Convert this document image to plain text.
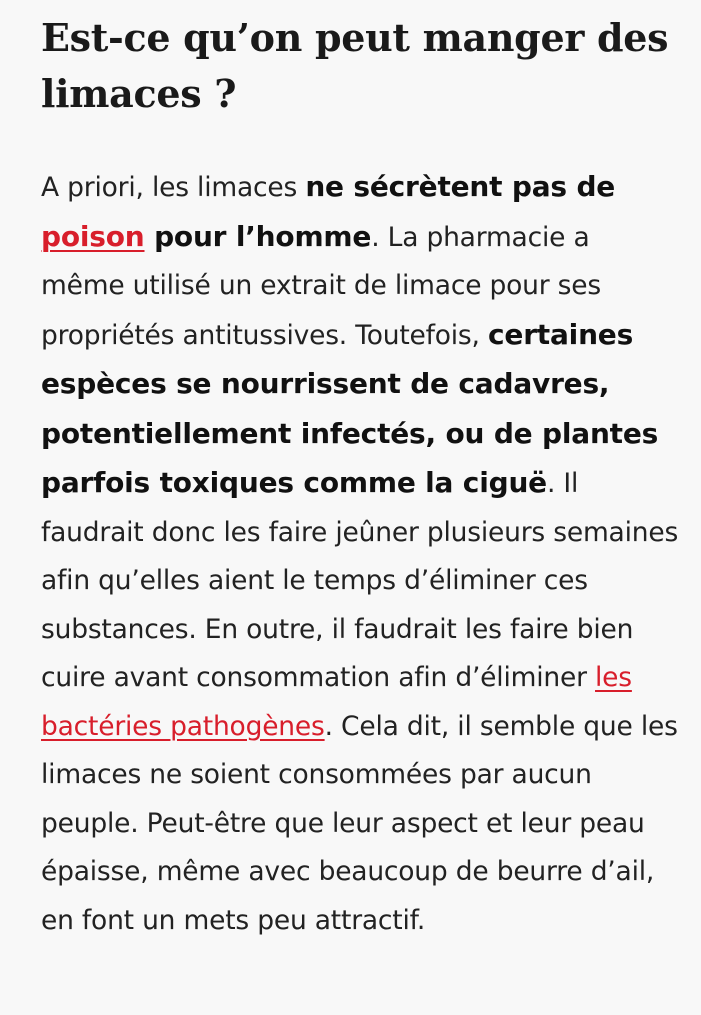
Est-ce qu’on peut manger des limaces ?

A priori, les limaces ne sécrètent pas de poison pour l’homme. La pharmacie a même utilisé un extrait de limace pour ses propriétés antitussives. Toutefois, certaines espèces se nourrissent de cadavres, potentiellement infectés, ou de plantes parfois toxiques comme la ciguë. Il faudrait donc les faire jeûner plusieurs semaines afin qu’elles aient le temps d’éliminer ces substances. En outre, il faudrait les faire bien cuire avant consommation afin d’éliminer les bactéries pathogènes. Cela dit, il semble que les limaces ne soient consommées par aucun peuple. Peut-être que leur aspect et leur peau épaisse, même avec beaucoup de beurre d’ail, en font un mets peu attractif.
